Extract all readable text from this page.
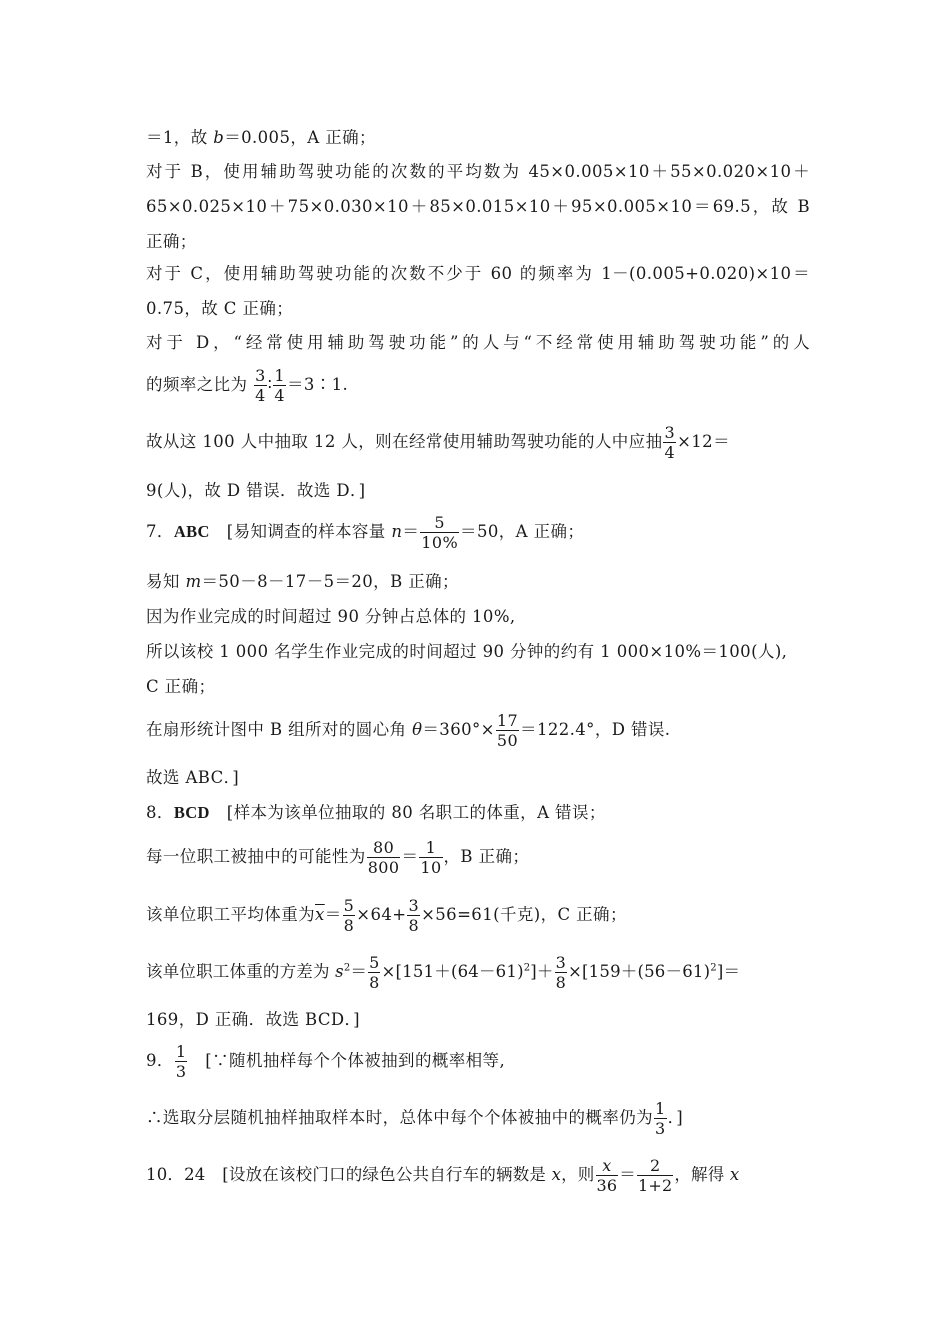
＝1，故 b＝0.005，A 正确；
对于 B，使用辅助驾驶功能的次数的平均数为 45×0.005×10＋55×0.020×10＋
65×0.025×10＋75×0.030×10＋85×0.015×10＋95×0.005×10＝69.5，故 B
正确；
对于 C，使用辅助驾驶功能的次数不少于 60 的频率为 1－(0.005+0.020)×10＝
0.75，故 C 正确；
对于 D，“经常使用辅助驾驶功能”的人与“不经常使用辅助驾驶功能”的人
的频率之比为 $\frac{3}{4}$ ∶ $\frac{1}{4}$ ＝3∶1.
故从这 100 人中抽取 12 人，则在经常使用辅助驾驶功能的人中应抽 $\frac{3}{4} \times 12=$
9(人)，故 D 错误．故选 D．]
7．ABC　[易知调查的样本容量 $n= \frac{5}{10\%} =50$，A 正确；
易知 m＝50－8－17－5＝20，B 正确；
因为作业完成的时间超过 90 分钟占总体的 10%,
所以该校 1 000 名学生作业完成的时间超过 90 分钟的约有 1 000×10%＝100(人),
C 正确；
在扇形统计图中 B 组所对的圆心角 $\theta=360^\circ\times \frac{17}{50} =122.4^\circ$，D 错误.
故选 ABC．]
8．BCD　[样本为该单位抽取的 80 名职工的体重，A 错误；
每一位职工被抽中的可能性为 $\frac{80}{800} = \frac{1}{10}$ ，B 正确；
该单位职工平均体重为$\overline{x}= \frac{5}{8} \times 64+ \frac{3}{8} \times 56=61$(千克)，C 正确；
该单位职工体重的方差为 $s^2= \frac{5}{8} \times[151+(64-61)^2]+ \frac{3}{8} \times[159+(56-61)^2]=$
169，D 正确．故选 BCD．]
9． $\frac{1}{3}$ 　[∵随机抽样每个个体被抽到的概率相等,
∴选取分层随机抽样抽取样本时，总体中每个个体被抽中的概率仍为 $\frac{1}{3}$ ．]
10．24　[设放在该校门口的绿色公共自行车的辆数是 x，则 $\frac{x}{36} = \frac{2}{1+2}$ ，解得 x
